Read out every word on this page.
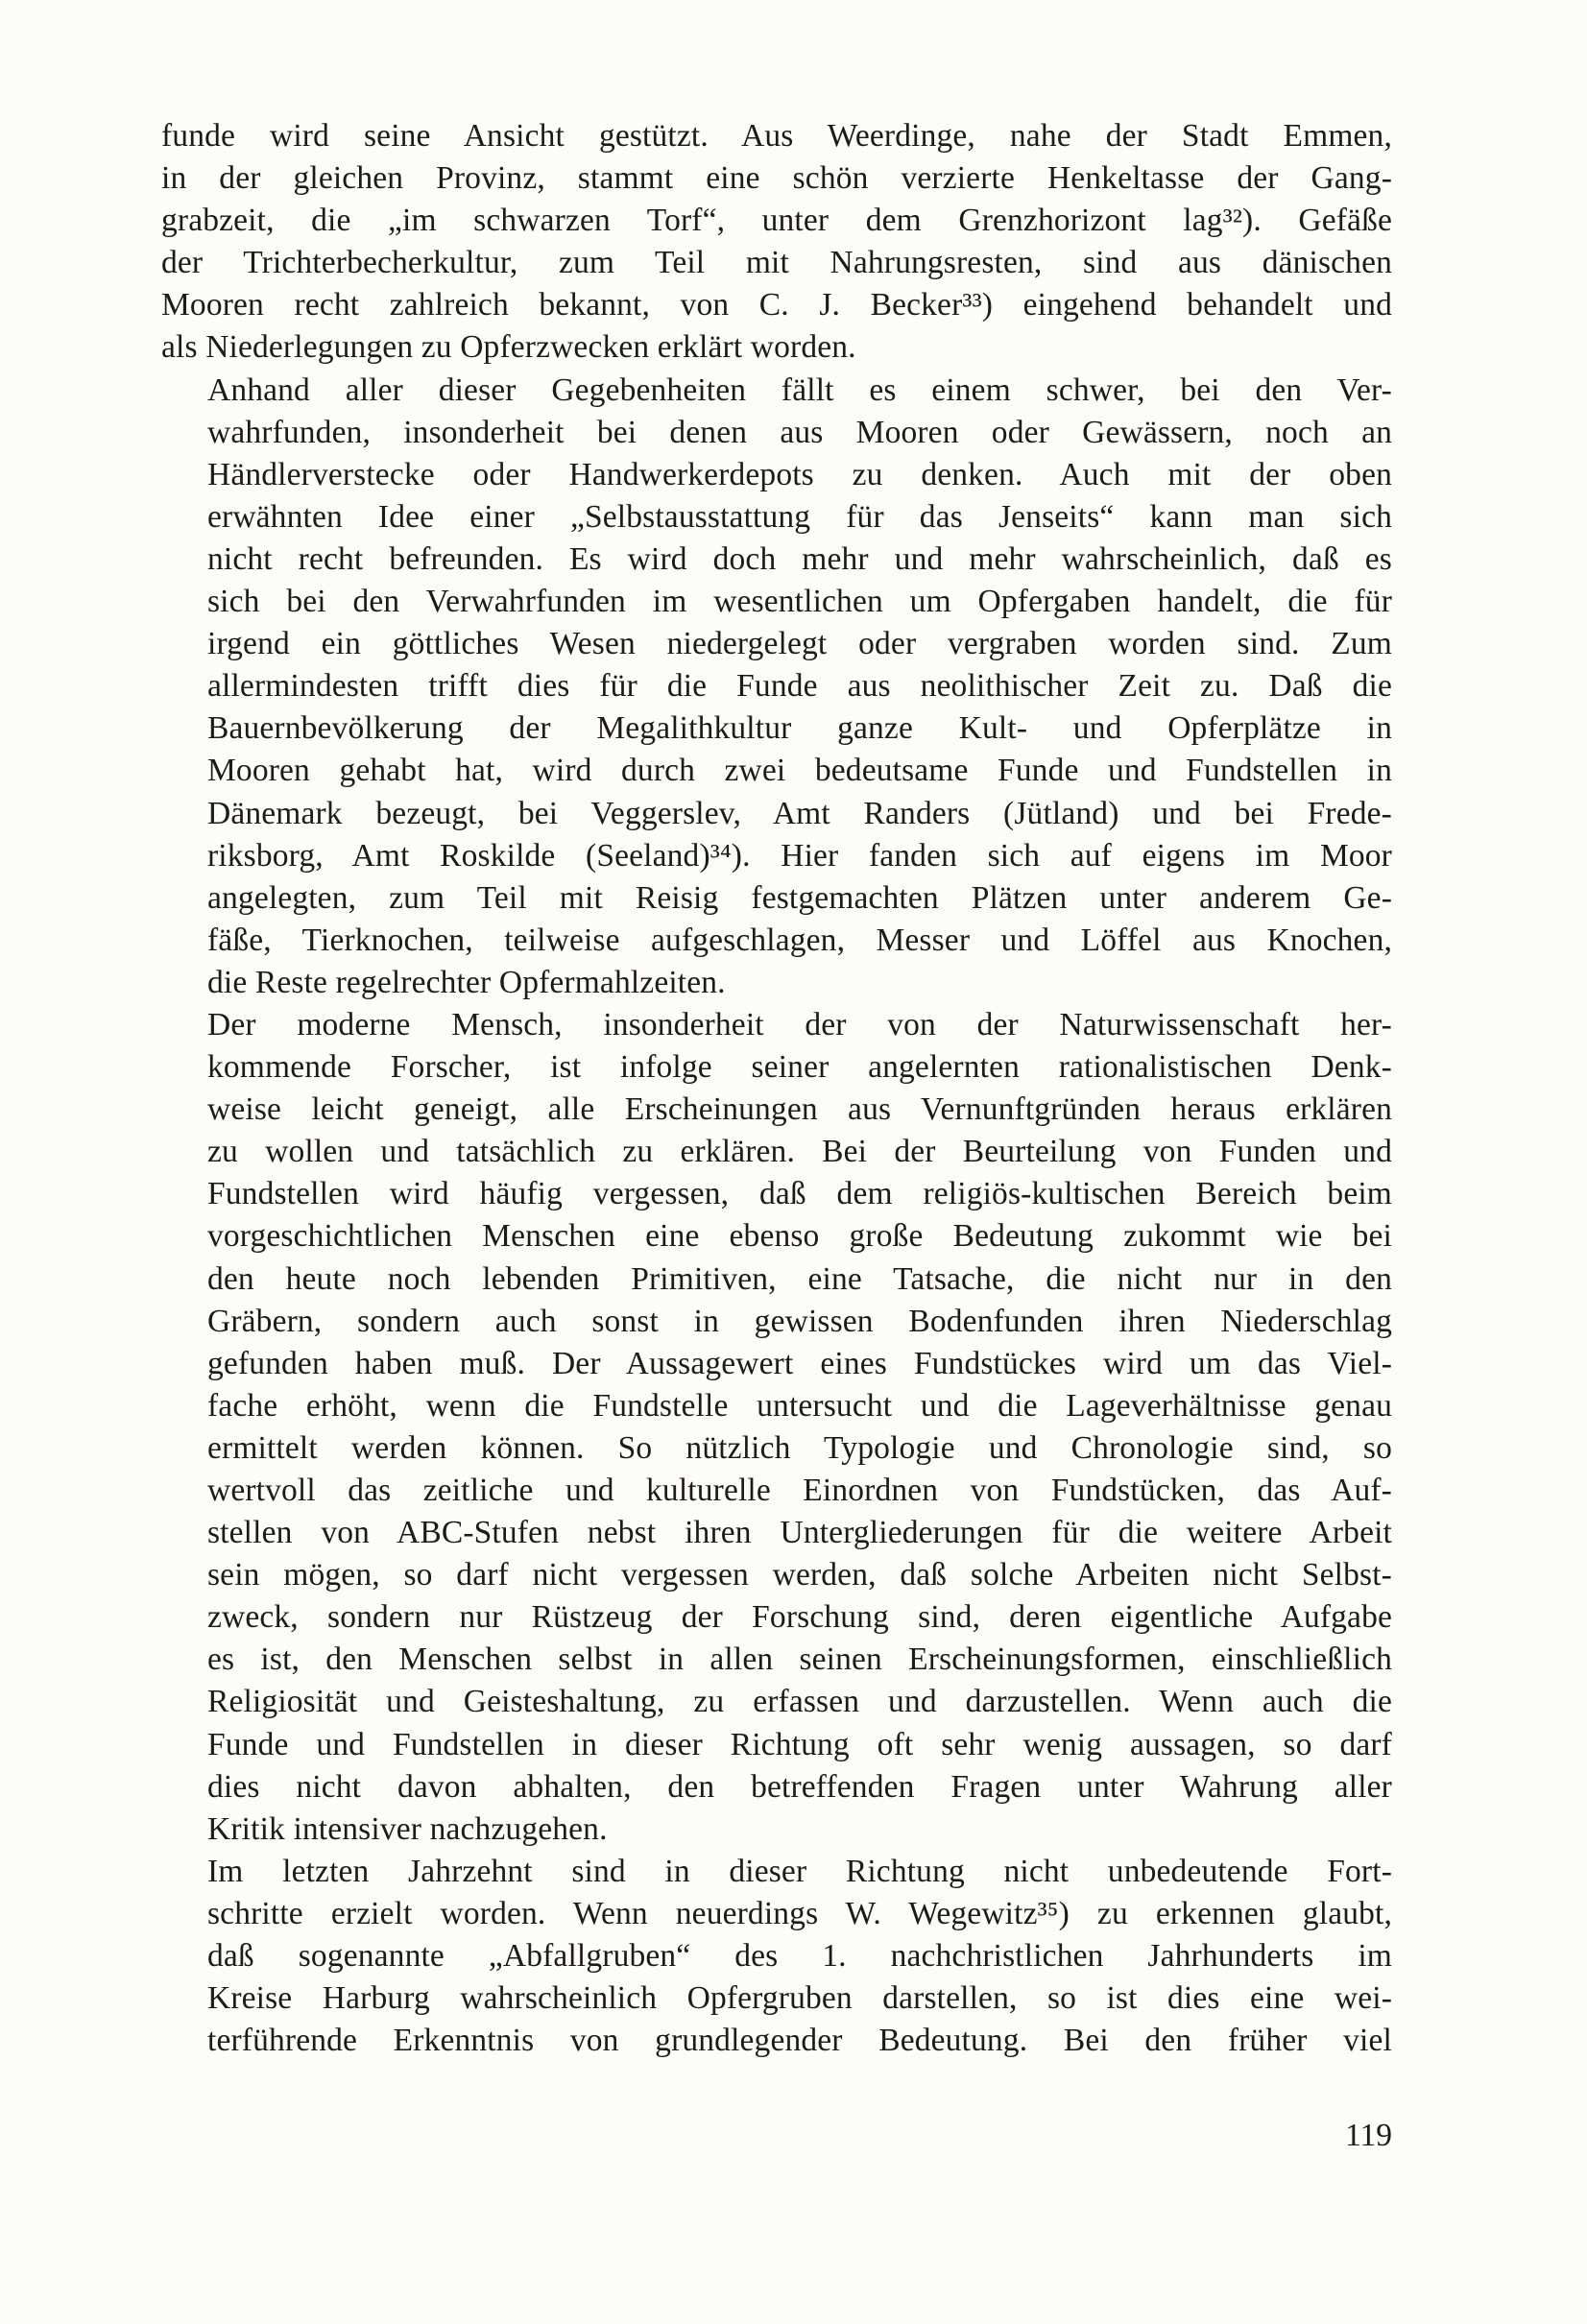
funde wird seine Ansicht gestützt. Aus Weerdinge, nahe der Stadt Emmen,
in der gleichen Provinz, stammt eine schön verzierte Henkeltasse der Gang-
grabzeit, die „im schwarzen Torf“, unter dem Grenzhorizont lag³²). Gefäße
der Trichterbecherkultur, zum Teil mit Nahrungsresten, sind aus dänischen
Mooren recht zahlreich bekannt, von C. J. Becker³³) eingehend behandelt und
als Niederlegungen zu Opferzwecken erklärt worden.

Anhand aller dieser Gegebenheiten fällt es einem schwer, bei den Ver-
wahrfunden, insonderheit bei denen aus Mooren oder Gewässern, noch an
Händlerverstecke oder Handwerkerdepots zu denken. Auch mit der oben
erwähnten Idee einer „Selbstausstattung für das Jenseits“ kann man sich
nicht recht befreunden. Es wird doch mehr und mehr wahrscheinlich, daß es
sich bei den Verwahrfunden im wesentlichen um Opfergaben handelt, die für
irgend ein göttliches Wesen niedergelegt oder vergraben worden sind. Zum
allermindesten trifft dies für die Funde aus neolithischer Zeit zu. Daß die
Bauernbevölkerung der Megalithkultur ganze Kult- und Opferplätze in
Mooren gehabt hat, wird durch zwei bedeutsame Funde und Fundstellen in
Dänemark bezeugt, bei Veggerslev, Amt Randers (Jütland) und bei Frede-
riksborg, Amt Roskilde (Seeland)³⁴). Hier fanden sich auf eigens im Moor
angelegten, zum Teil mit Reisig festgemachten Plätzen unter anderem Ge-
fäße, Tierknochen, teilweise aufgeschlagen, Messer und Löffel aus Knochen,
die Reste regelrechter Opfermahlzeiten.

Der moderne Mensch, insonderheit der von der Naturwissenschaft her-
kommende Forscher, ist infolge seiner angelernten rationalistischen Denk-
weise leicht geneigt, alle Erscheinungen aus Vernunftgründen heraus erklären
zu wollen und tatsächlich zu erklären. Bei der Beurteilung von Funden und
Fundstellen wird häufig vergessen, daß dem religiös-kultischen Bereich beim
vorgeschichtlichen Menschen eine ebenso große Bedeutung zukommt wie bei
den heute noch lebenden Primitiven, eine Tatsache, die nicht nur in den
Gräbern, sondern auch sonst in gewissen Bodenfunden ihren Niederschlag
gefunden haben muß. Der Aussagewert eines Fundstückes wird um das Viel-
fache erhöht, wenn die Fundstelle untersucht und die Lageverhältnisse genau
ermittelt werden können. So nützlich Typologie und Chronologie sind, so
wertvoll das zeitliche und kulturelle Einordnen von Fundstücken, das Auf-
stellen von ABC-Stufen nebst ihren Untergliederungen für die weitere Arbeit
sein mögen, so darf nicht vergessen werden, daß solche Arbeiten nicht Selbst-
zweck, sondern nur Rüstzeug der Forschung sind, deren eigentliche Aufgabe
es ist, den Menschen selbst in allen seinen Erscheinungsformen, einschließlich
Religiosität und Geisteshaltung, zu erfassen und darzustellen. Wenn auch die
Funde und Fundstellen in dieser Richtung oft sehr wenig aussagen, so darf
dies nicht davon abhalten, den betreffenden Fragen unter Wahrung aller
Kritik intensiver nachzugehen.

Im letzten Jahrzehnt sind in dieser Richtung nicht unbedeutende Fort-
schritte erzielt worden. Wenn neuerdings W. Wegewitz³⁵) zu erkennen glaubt,
daß sogenannte „Abfallgruben“ des 1. nachchristlichen Jahrhunderts im
Kreise Harburg wahrscheinlich Opfergruben darstellen, so ist dies eine wei-
terführende Erkenntnis von grundlegender Bedeutung. Bei den früher viel

119
